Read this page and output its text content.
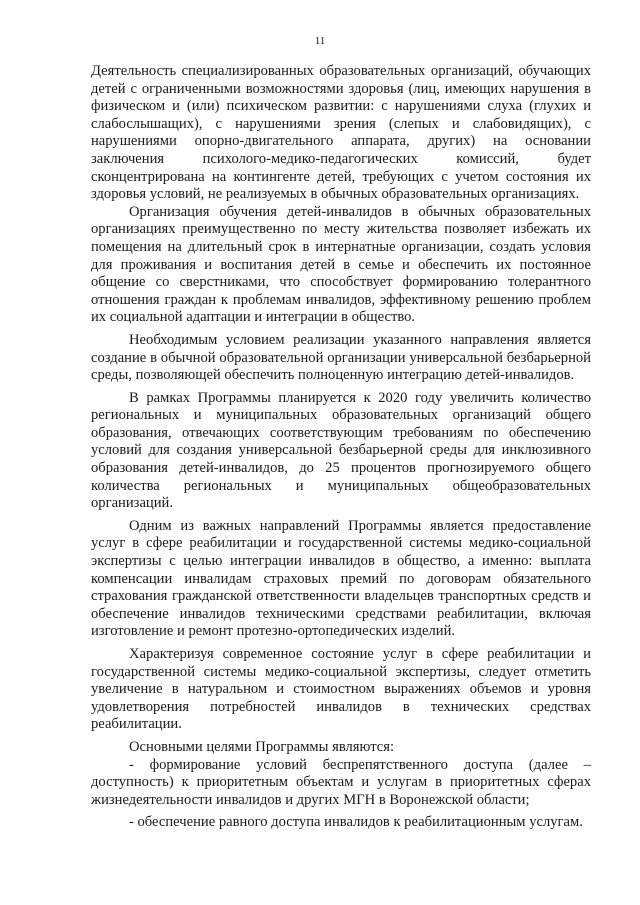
11

Деятельность специализированных образовательных организаций, обучающих детей с ограниченными возможностями здоровья (лиц, имеющих нарушения в физическом и (или) психическом развитии: с нарушениями слуха (глухих и слабослышащих), с нарушениями зрения (слепых и слабовидящих), с нарушениями опорно-двигательного аппарата, других) на основании заключения психолого-медико-педагогических комиссий, будет сконцентрирована на контингенте детей, требующих с учетом состояния их здоровья условий, не реализуемых в обычных образовательных организациях.

Организация обучения детей-инвалидов в обычных образовательных организациях преимущественно по месту жительства позволяет избежать их помещения на длительный срок в интернатные организации, создать условия для проживания и воспитания детей в семье и обеспечить их постоянное общение со сверстниками, что способствует формированию толерантного отношения граждан к проблемам инвалидов, эффективному решению проблем их социальной адаптации и интеграции в общество.

Необходимым условием реализации указанного направления является создание в обычной образовательной организации универсальной безбарьерной среды, позволяющей обеспечить полноценную интеграцию детей-инвалидов.

В рамках Программы планируется к 2020 году увеличить количество региональных и муниципальных образовательных организаций общего образования, отвечающих соответствующим требованиям по обеспечению условий для создания универсальной безбарьерной среды для инклюзивного образования детей-инвалидов, до 25 процентов прогнозируемого общего количества региональных и муниципальных общеобразовательных организаций.

Одним из важных направлений Программы является предоставление услуг в сфере реабилитации и государственной системы медико-социальной экспертизы с целью интеграции инвалидов в общество, а именно: выплата компенсации инвалидам страховых премий по договорам обязательного страхования гражданской ответственности владельцев транспортных средств и обеспечение инвалидов техническими средствами реабилитации, включая изготовление и ремонт протезно-ортопедических изделий.

Характеризуя современное состояние услуг в сфере реабилитации и государственной системы медико-социальной экспертизы, следует отметить увеличение в натуральном и стоимостном выражениях объемов и уровня удовлетворения потребностей инвалидов в технических средствах реабилитации.

Основными целями Программы являются:

- формирование условий беспрепятственного доступа (далее – доступность) к приоритетным объектам и услугам в приоритетных сферах жизнедеятельности инвалидов и других МГН в Воронежской области;

- обеспечение равного доступа инвалидов к реабилитационным услугам.
